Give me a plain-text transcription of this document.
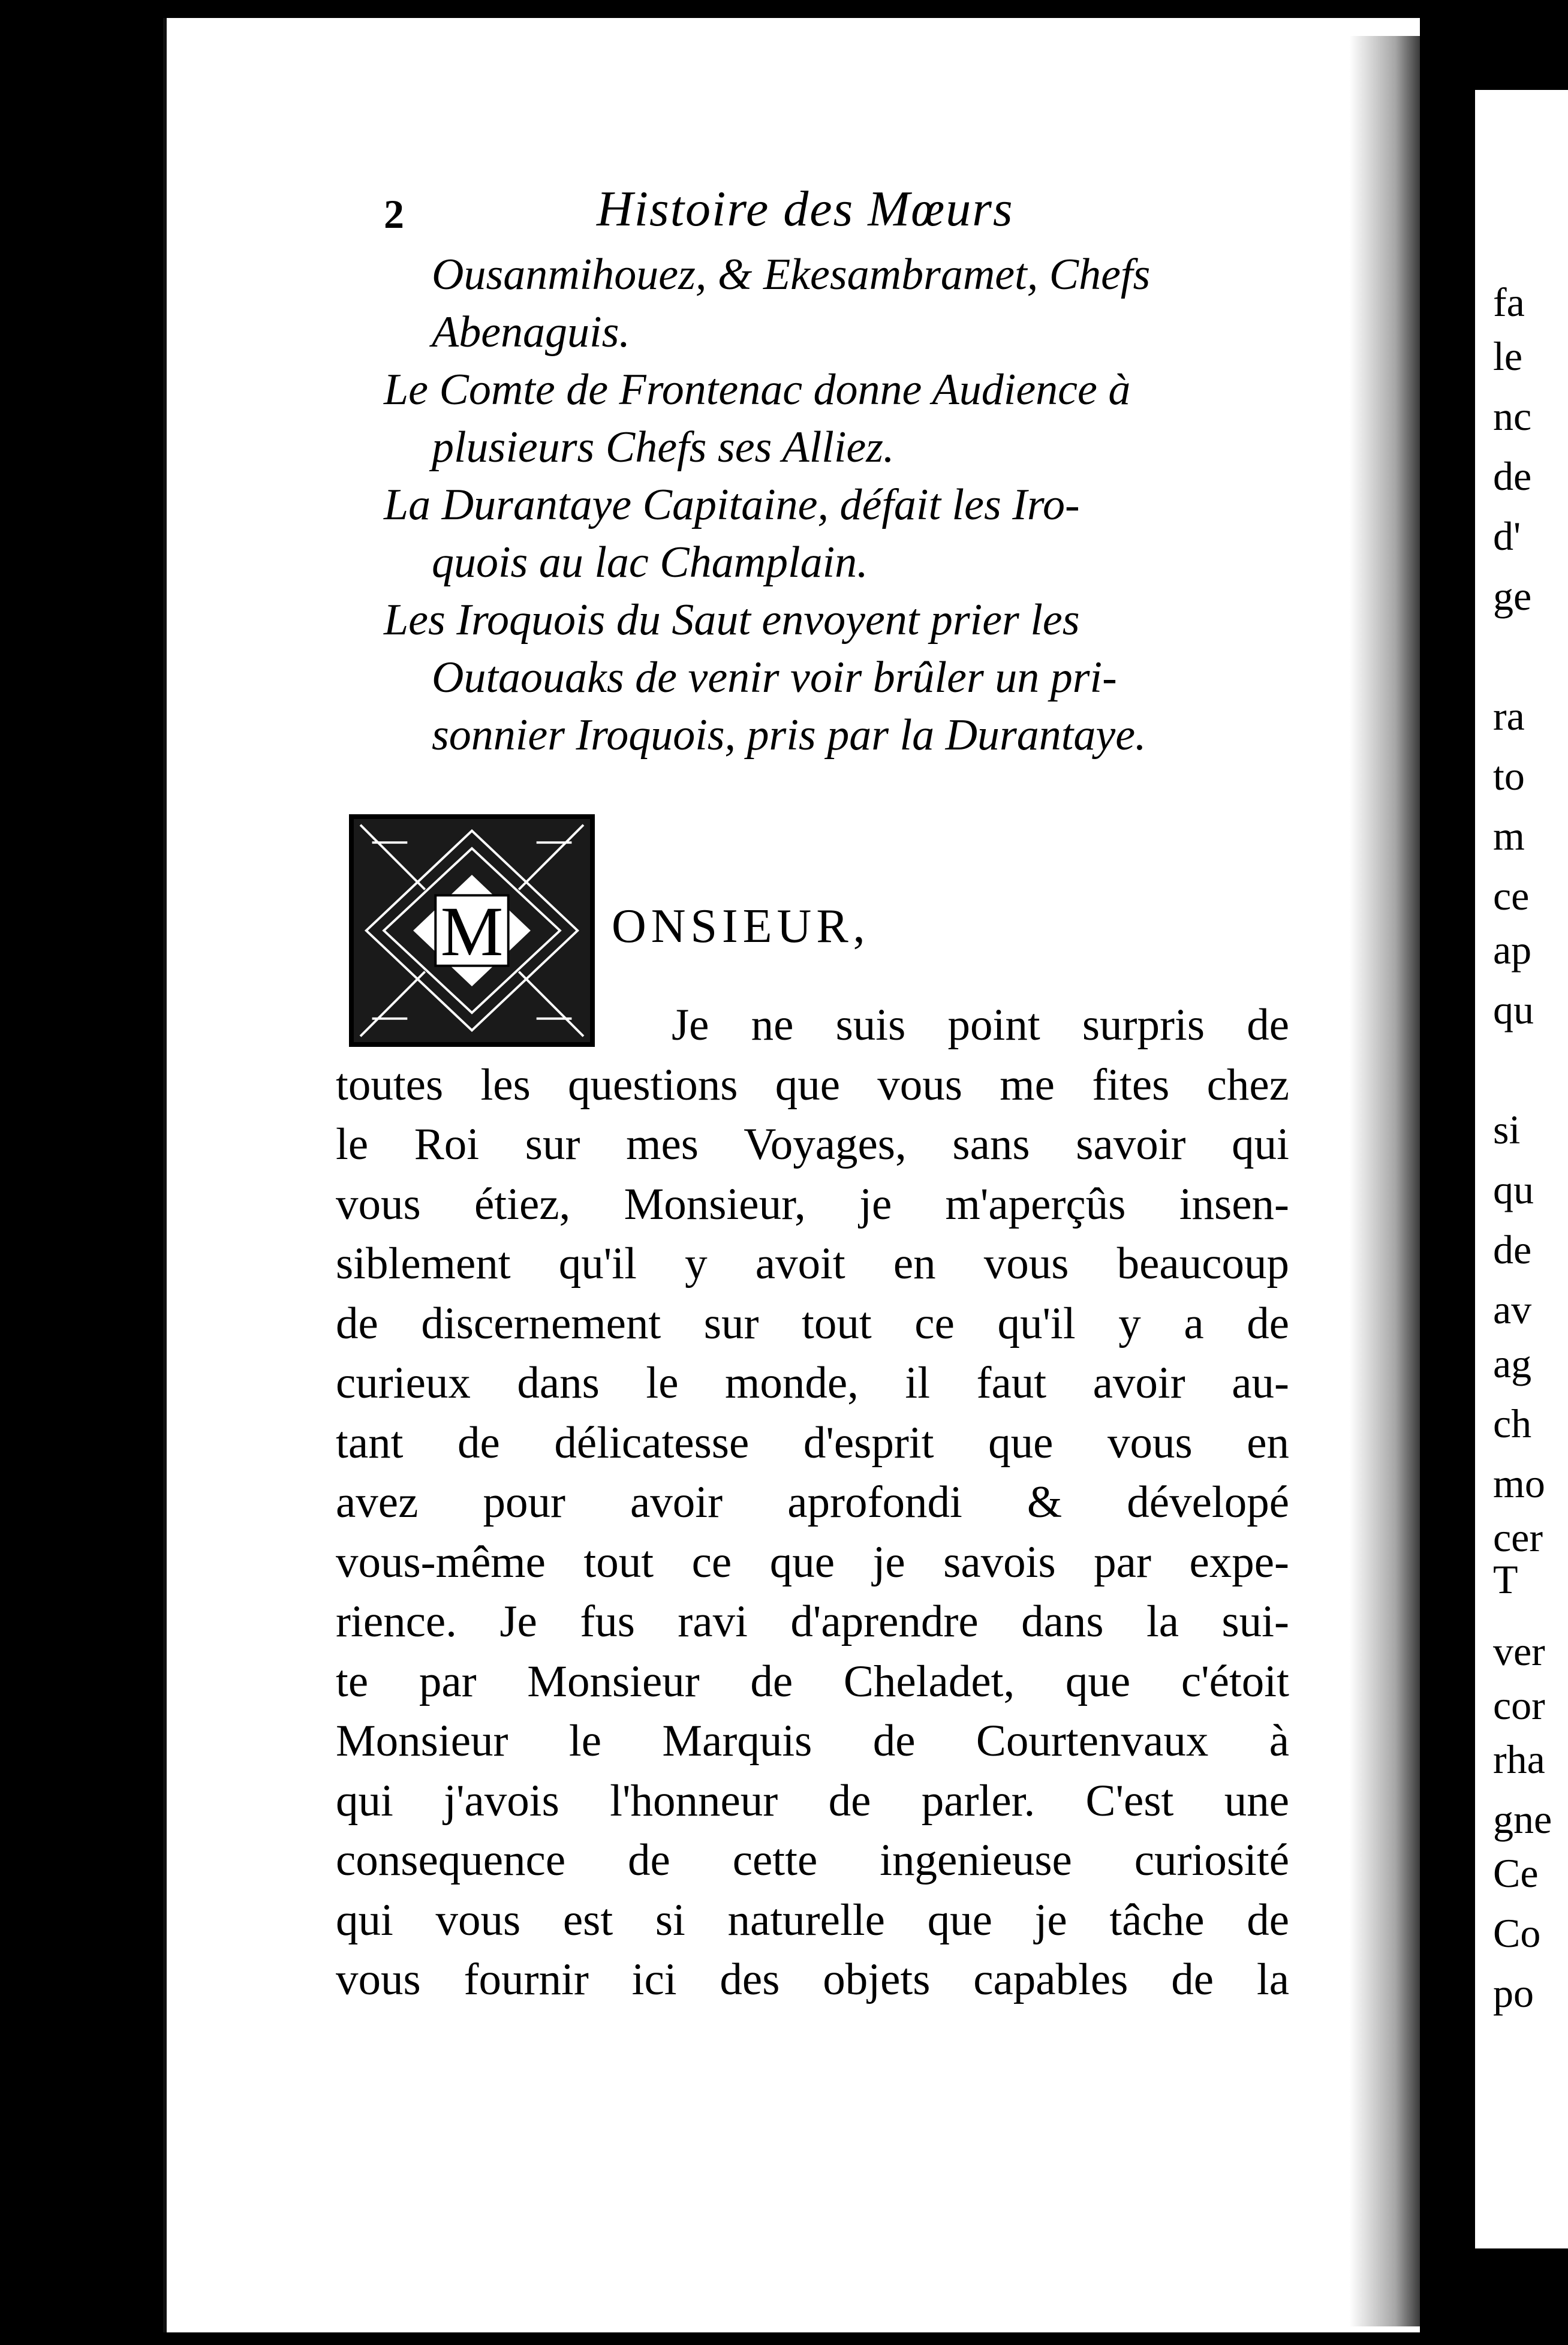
2	Histoire des Mœurs
Ousanmihouez, & Ekesambramet, Chefs
Abenaguis.
Le Comte de Frontenac donne Audience à
plusieurs Chefs ses Alliez.
La Durantaye Capitaine, défait les Iro-
quois au lac Champlain.
Les Iroquois du Saut envoyent prier les
Outaouaks de venir voir brûler un pri-
sonnier Iroquois, pris par la Durantaye.
M ONSIEUR,
Je ne suis point surpris de
toutes les questions que vous me fites chez
le Roi sur mes Voyages, sans savoir qui
vous étiez, Monsieur, je m'aperçûs insen-
siblement qu'il y avoit en vous beaucoup
de discernement sur tout ce qu'il y a de
curieux dans le monde, il faut avoir au-
tant de délicatesse d'esprit que vous en
avez pour avoir aprofondi & dévelopé
vous-même tout ce que je savois par expe-
rience. Je fus ravi d'aprendre dans la sui-
te par Monsieur de Cheladet, que c'étoit
Monsieur le Marquis de Courtenvaux à
qui j'avois l'honneur de parler. C'est une
consequence de cette ingenieuse curiosité
qui vous est si naturelle que je tâche de
vous fournir ici des objets capables de la
fa
le
nc
de
d'
ge
ra
to
m
ce
ap
qu
si
qu
de
av
ag
ch
mo
cer
T
ver
cor
rha
gne
Ce
Co
po
